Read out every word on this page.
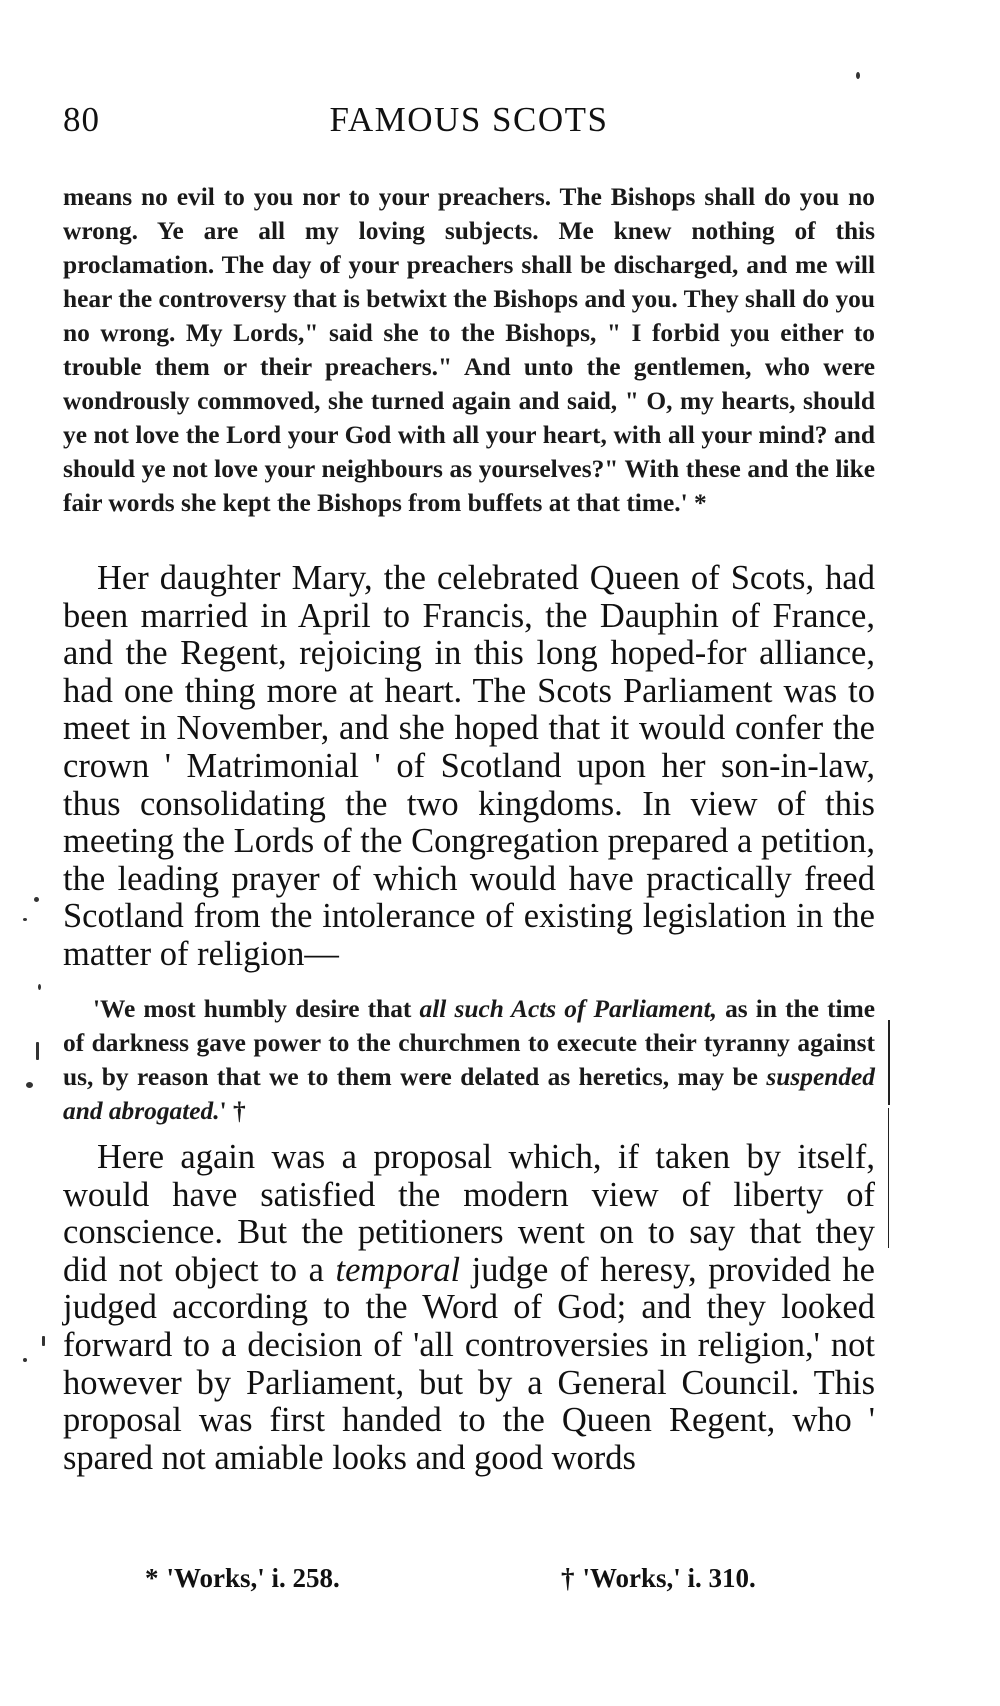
80	FAMOUS SCOTS

means no evil to you nor to your preachers. The Bishops shall do you no wrong. Ye are all my loving subjects. Me knew nothing of this proclamation. The day of your preachers shall be discharged, and me will hear the controversy that is betwixt the Bishops and you. They shall do you no wrong. My Lords," said she to the Bishops, " I forbid you either to trouble them or their preachers." And unto the gentlemen, who were wondrously commoved, she turned again and said, " O, my hearts, should ye not love the Lord your God with all your heart, with all your mind? and should ye not love your neighbours as yourselves?" With these and the like fair words she kept the Bishops from buffets at that time.' *

Her daughter Mary, the celebrated Queen of Scots, had been married in April to Francis, the Dauphin of France, and the Regent, rejoicing in this long hoped-for alliance, had one thing more at heart. The Scots Parliament was to meet in November, and she hoped that it would confer the crown ' Matrimonial ' of Scotland upon her son-in-law, thus consolidating the two kingdoms. In view of this meeting the Lords of the Congregation prepared a petition, the leading prayer of which would have practically freed Scotland from the intolerance of existing legislation in the matter of religion—

'We most humbly desire that all such Acts of Parliament, as in the time of darkness gave power to the churchmen to execute their tyranny against us, by reason that we to them were delated as heretics, may be suspended and abrogated.' †

Here again was a proposal which, if taken by itself, would have satisfied the modern view of liberty of conscience. But the petitioners went on to say that they did not object to a temporal judge of heresy, provided he judged according to the Word of God; and they looked forward to a decision of 'all controversies in religion,' not however by Parliament, but by a General Council. This proposal was first handed to the Queen Regent, who ' spared not amiable looks and good words

* 'Works,' i. 258.	† 'Works,' i. 310.
